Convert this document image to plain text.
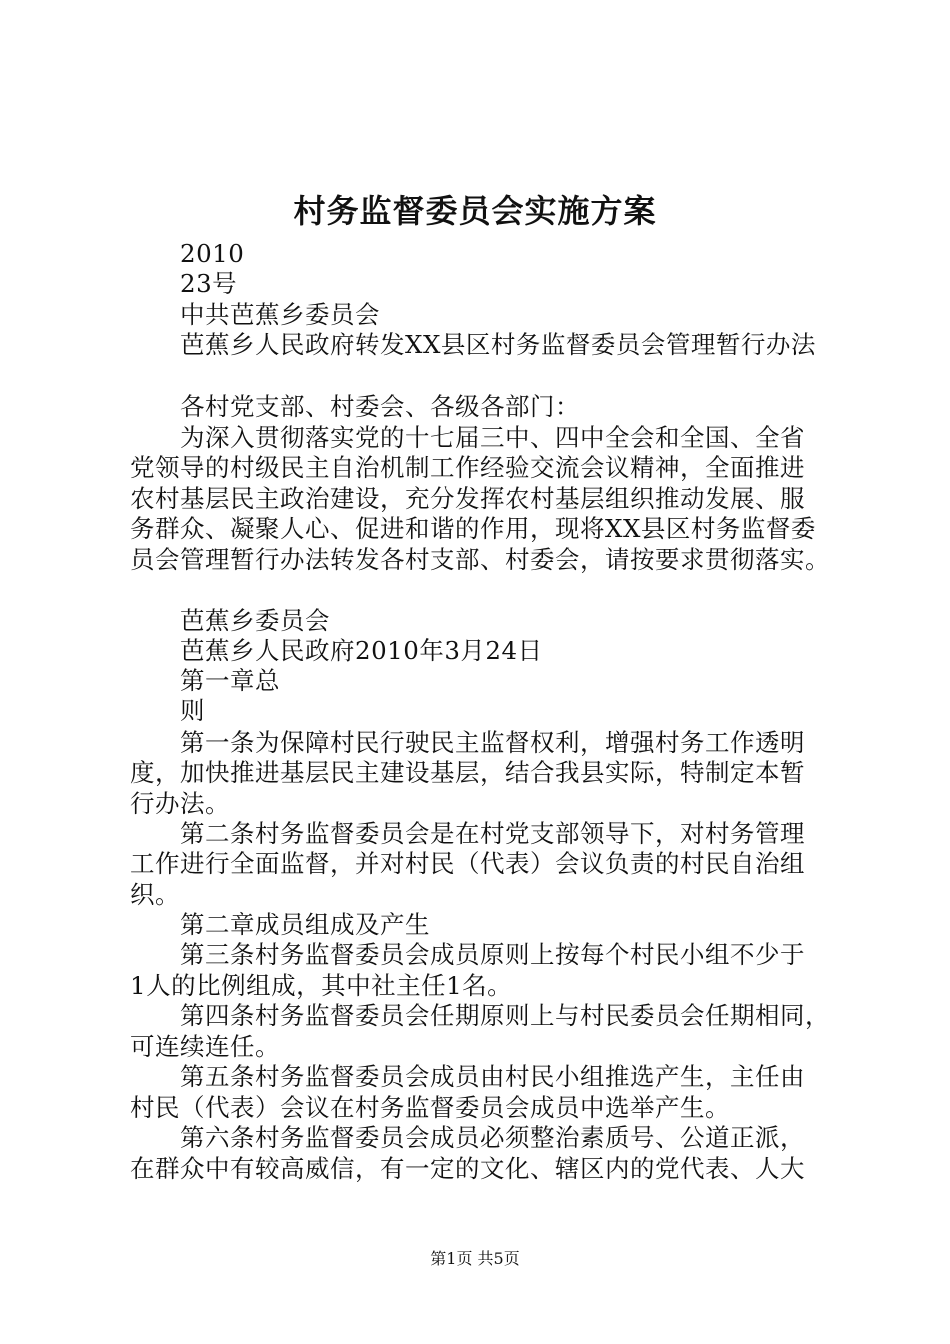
村务监督委员会实施方案
2010
23号
中共芭蕉乡委员会
芭蕉乡人民政府转发XX县区村务监督委员会管理暂行办法
各村党支部、村委会、各级各部门：
为深入贯彻落实党的十七届三中、四中全会和全国、全省
党领导的村级民主自治机制工作经验交流会议精神，全面推进
农村基层民主政治建设，充分发挥农村基层组织推动发展、服
务群众、凝聚人心、促进和谐的作用，现将XX县区村务监督委
员会管理暂行办法转发各村支部、村委会，请按要求贯彻落实。
芭蕉乡委员会
芭蕉乡人民政府2010年3月24日
第一章总
则
第一条为保障村民行驶民主监督权利，增强村务工作透明
度，加快推进基层民主建设基层，结合我县实际，特制定本暂
行办法。
第二条村务监督委员会是在村党支部领导下，对村务管理
工作进行全面监督，并对村民（代表）会议负责的村民自治组
织。
第二章成员组成及产生
第三条村务监督委员会成员原则上按每个村民小组不少于
1人的比例组成，其中社主任1名。
第四条村务监督委员会任期原则上与村民委员会任期相同，
可连续连任。
第五条村务监督委员会成员由村民小组推选产生，主任由
村民（代表）会议在村务监督委员会成员中选举产生。
第六条村务监督委员会成员必须整治素质号、公道正派，
在群众中有较高威信，有一定的文化、辖区内的党代表、人大
第1页 共5页
